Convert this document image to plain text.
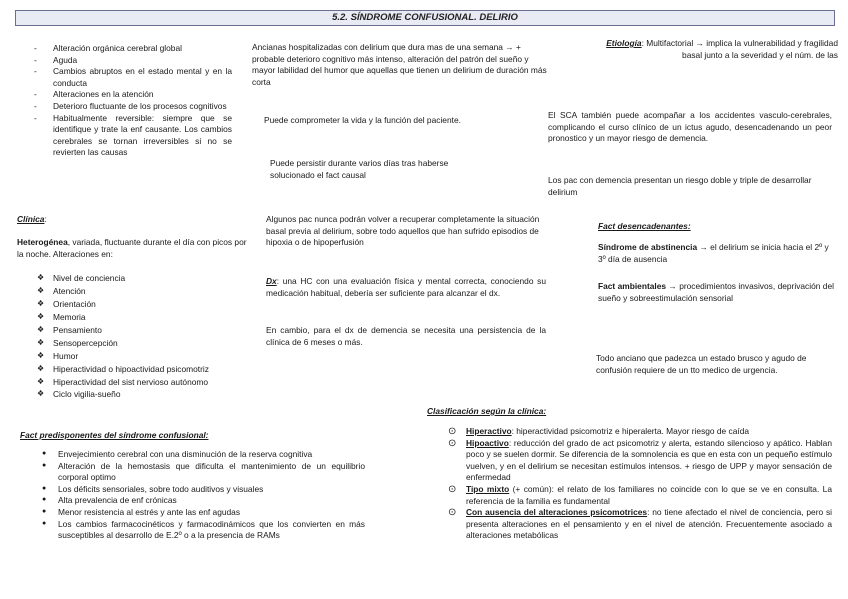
5.2. SÍNDROME CONFUSIONAL. DELIRIO
- Alteración orgánica cerebral global
- Aguda
- Cambios abruptos en el estado mental y en la conducta
- Alteraciones en la atención
- Deterioro fluctuante de los procesos cognitivos
- Habitualmente reversible: siempre que se identifique y trate la enf causante. Los cambios cerebrales se tornan irreversibles si no se revierten las causas
Clínica:

Heterogénea, variada, fluctuante durante el día con picos por la noche. Alteraciones en:

❖ Nivel de conciencia
❖ Atención
❖ Orientación
❖ Memoria
❖ Pensamiento
❖ Sensopercepción
❖ Humor
❖ Hiperactividad o hipoactividad psicomotriz
❖ Hiperactividad del sist nervioso autónomo
❖ Ciclo vigilia-sueño
Fact predisponentes del síndrome confusional:
● Envejecimiento cerebral con una disminución de la reserva cognitiva
● Alteración de la hemostasis que dificulta el mantenimiento de un equilibrio corporal optimo
● Los déficits sensoriales, sobre todo auditivos y visuales
● Alta prevalencia de enf crónicas
● Menor resistencia al estrés y ante las enf agudas
● Los cambios farmacocinéticos y farmacodinámicos que los convierten en más susceptibles al desarrollo de E.2º o a la presencia de RAMs

Ancianas hospitalizadas con delirium que dura mas de una semana → + probable deterioro cognitivo más intenso, alteración del patrón del sueño y mayor labilidad del humor que aquellas que tienen un delirium de duración más corta

Puede comprometer la vida y la función del paciente.

Puede persistir durante varios días tras haberse solucionado el fact causal

Algunos pac nunca podrán volver a recuperar completamente la situación basal previa al delirium, sobre todo aquellos que han sufrido episodios de hipoxia o de hipoperfusión

Dx: una HC con una evaluación física y mental correcta, conociendo su medicación habitual, debería ser suficiente para alcanzar el dx.

En cambio, para el dx de demencia se necesita una persistencia de la clínica de 6 meses o más.

Etiología: Multifactorial → implica la vulnerabilidad y fragilidad basal junto a la severidad y el núm. de las

El SCA también puede acompañar a los accidentes vasculo-cerebrales, complicando el curso clínico de un ictus agudo, desencadenando un peor pronostico y un mayor riesgo de demencia.

Los pac con demencia presentan un riesgo doble y triple de desarrollar delirium

Fact desencadenantes:

Síndrome de abstinencia → el delirium se inicia hacia el 2º y 3º día de ausencia

Fact ambientales → procedimientos invasivos, deprivación del sueño y sobreestimulación sensorial

Todo anciano que padezca un estado brusco y agudo de confusión requiere de un tto medico de urgencia.

Clasificación según la clínica:
⊙ Hiperactivo: hiperactividad psicomotriz e hiperalerta. Mayor riesgo de caída
⊙ Hipoactivo: reducción del grado de act psicomotriz y alerta, estando silencioso y apático. Hablan poco y se suelen dormir. Se diferencia de la somnolencia es que en esta con un pequeño estímulo vuelven, y en el delirium se necesitan estímulos intensos. + riesgo de UPP y mayor sensación de enfermedad
⊙ Tipo mixto (+ común): el relato de los familiares no coincide con lo que se ve en consulta. La referencia de la familia es fundamental
⊙ Con ausencia del alteraciones psicomotrices: no tiene afectado el nivel de conciencia, pero si presenta alteraciones en el pensamiento y en el nivel de atención. Frecuentemente asociado a alteraciones metabólicas
